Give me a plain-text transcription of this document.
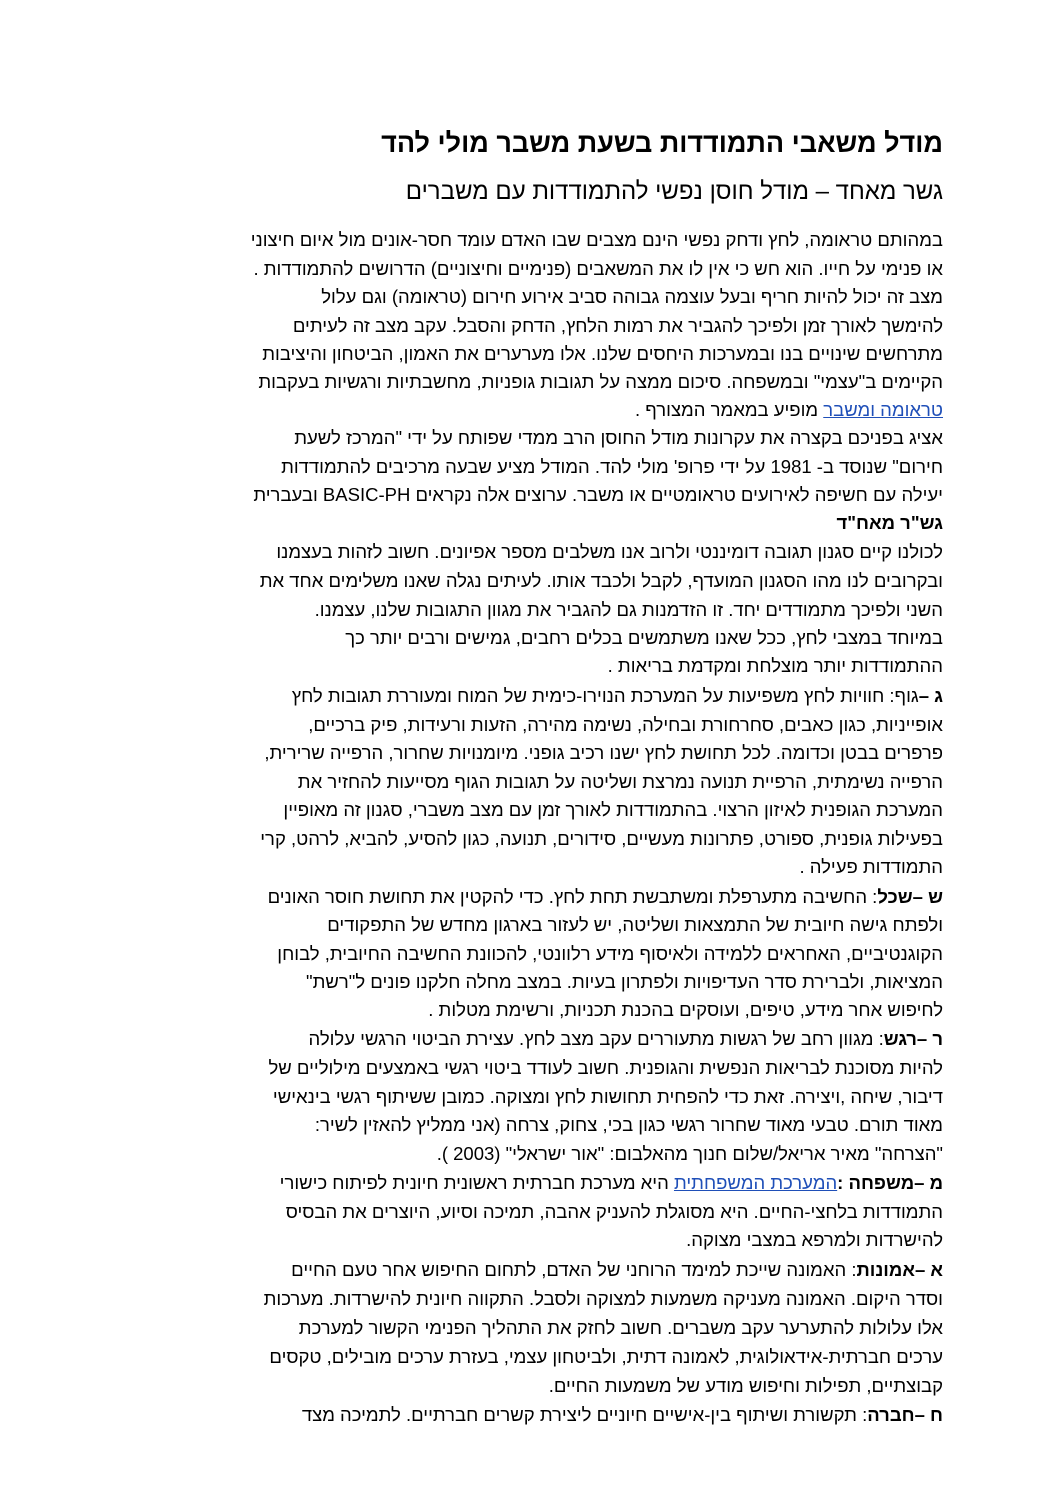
מודל משאבי התמודדות בשעת משבר מולי להד
גשר מאחד – מודל חוסן נפשי להתמודדות עם משברים
במהותם טראומה, לחץ ודחק נפשי הינם מצבים שבו האדם עומד חסר-אונים מול איום חיצוני
או פנימי על חייו. הוא חש כי אין לו את המשאבים (פנימיים וחיצוניים) הדרושים להתמודדות .
מצב זה יכול להיות חריף ובעל עוצמה גבוהה סביב אירוע חירום (טראומה) וגם עלול
להימשך לאורך זמן ולפיכך להגביר את רמות הלחץ, הדחק והסבל. עקב מצב זה לעיתים
מתרחשים שינויים בנו ובמערכות היחסים שלנו. אלו מערערים את האמון, הביטחון והיציבות
הקיימים ב"עצמי" ובמשפחה. סיכום ממצה על תגובות גופניות, מחשבתיות ורגשיות בעקבות
טראומה ומשבר מופיע במאמר המצורף .
אציג בפניכם בקצרה את עקרונות מודל החוסן הרב ממדי שפותח על ידי "המרכז לשעת
חירום" שנוסד ב- 1981 על ידי פרופ' מולי להד. המודל מציע שבעה מרכיבים להתמודדות
יעילה עם חשיפה לאירועים טראומטיים או משבר. ערוצים אלה נקראים BASIC-PH ובעברית
גש"ר מאח"ד
לכולנו קיים סגנון תגובה דומיננטי ולרוב אנו משלבים מספר אפיונים. חשוב לזהות בעצמנו
ובקרובים לנו מהו הסגנון המועדף, לקבל ולכבד אותו. לעיתים נגלה שאנו משלימים אחד את
השני ולפיכך מתמודדים יחד. זו הזדמנות גם להגביר את מגוון התגובות שלנו, עצמנו.
במיוחד במצבי לחץ, ככל שאנו משתמשים בכלים רחבים, גמישים ורבים יותר כך
ההתמודדות יותר מוצלחת ומקדמת בריאות .
ג –גוף: חוויות לחץ משפיעות על המערכת הנוירו-כימית של המוח ומעוררת תגובות לחץ
אופייניות, כגון כאבים, סחרחורת ובחילה, נשימה מהירה, הזעות ורעידות, פיק ברכיים,
פרפרים בבטן וכדומה. לכל תחושת לחץ ישנו רכיב גופני. מיומנויות שחרור, הרפייה שרירית,
הרפייה נשימתית, הרפיית תנועה נמרצת ושליטה על תגובות הגוף מסייעות להחזיר את
המערכת הגופנית לאיזון הרצוי. בהתמודדות לאורך זמן עם מצב משברי, סגנון זה מאופיין
בפעילות גופנית, ספורט, פתרונות מעשיים, סידורים, תנועה, כגון להסיע, להביא, לרהט, קרי
התמודדות פעילה .
ש –שכל: החשיבה מתערפלת ומשתבשת תחת לחץ. כדי להקטין את תחושת חוסר האונים
ולפתח גישה חיובית של התמצאות ושליטה, יש לעזור בארגון מחדש של התפקודים
הקוגנטיביים, האחראים ללמידה ולאיסוף מידע רלוונטי, להכוונת החשיבה החיובית, לבוחן
המציאות, ולברירת סדר העדיפויות ולפתרון בעיות. במצב מחלה חלקנו פונים ל"רשת"
לחיפוש אחר מידע, טיפים, ועוסקים בהכנת תכניות, ורשימת מטלות .
ר –רגש: מגוון רחב של רגשות מתעוררים עקב מצב לחץ. עצירת הביטוי הרגשי עלולה
להיות מסוכנת לבריאות הנפשית והגופנית. חשוב לעודד ביטוי רגשי באמצעים מילוליים של
דיבור, שיחה ,ויצירה. זאת כדי להפחית תחושות לחץ ומצוקה. כמובן ששיתוף רגשי בינאישי
מאוד תורם. טבעי מאוד שחרור רגשי כגון בכי, צחוק, צרחה (אני ממליץ להאזין לשיר:
"הצרחה" מאיר אריאל/שלום חנוך מהאלבום: "אור ישראלי" (2003 ).
מ –משפחה :המערכת המשפחתית היא מערכת חברתית ראשונית חיונית לפיתוח כישורי
התמודדות בלחצי-החיים. היא מסוגלת להעניק אהבה, תמיכה וסיוע, היוצרים את הבסיס
להישרדות ולמרפא במצבי מצוקה.
א –אמונות: האמונה שייכת למימד הרוחני של האדם, לתחום החיפוש אחר טעם החיים
וסדר היקום. האמונה מעניקה משמעות למצוקה ולסבל. התקווה חיונית להישרדות. מערכות
אלו עלולות להתערער עקב משברים. חשוב לחזק את התהליך הפנימי הקשור למערכת
ערכים חברתית-אידאולוגית, לאמונה דתית, ולביטחון עצמי, בעזרת ערכים מובילים, טקסים
קבוצתיים, תפילות וחיפוש מודע של משמעות החיים.
ח –חברה: תקשורת ושיתוף בין-אישיים חיוניים ליצירת קשרים חברתיים. לתמיכה מצד
